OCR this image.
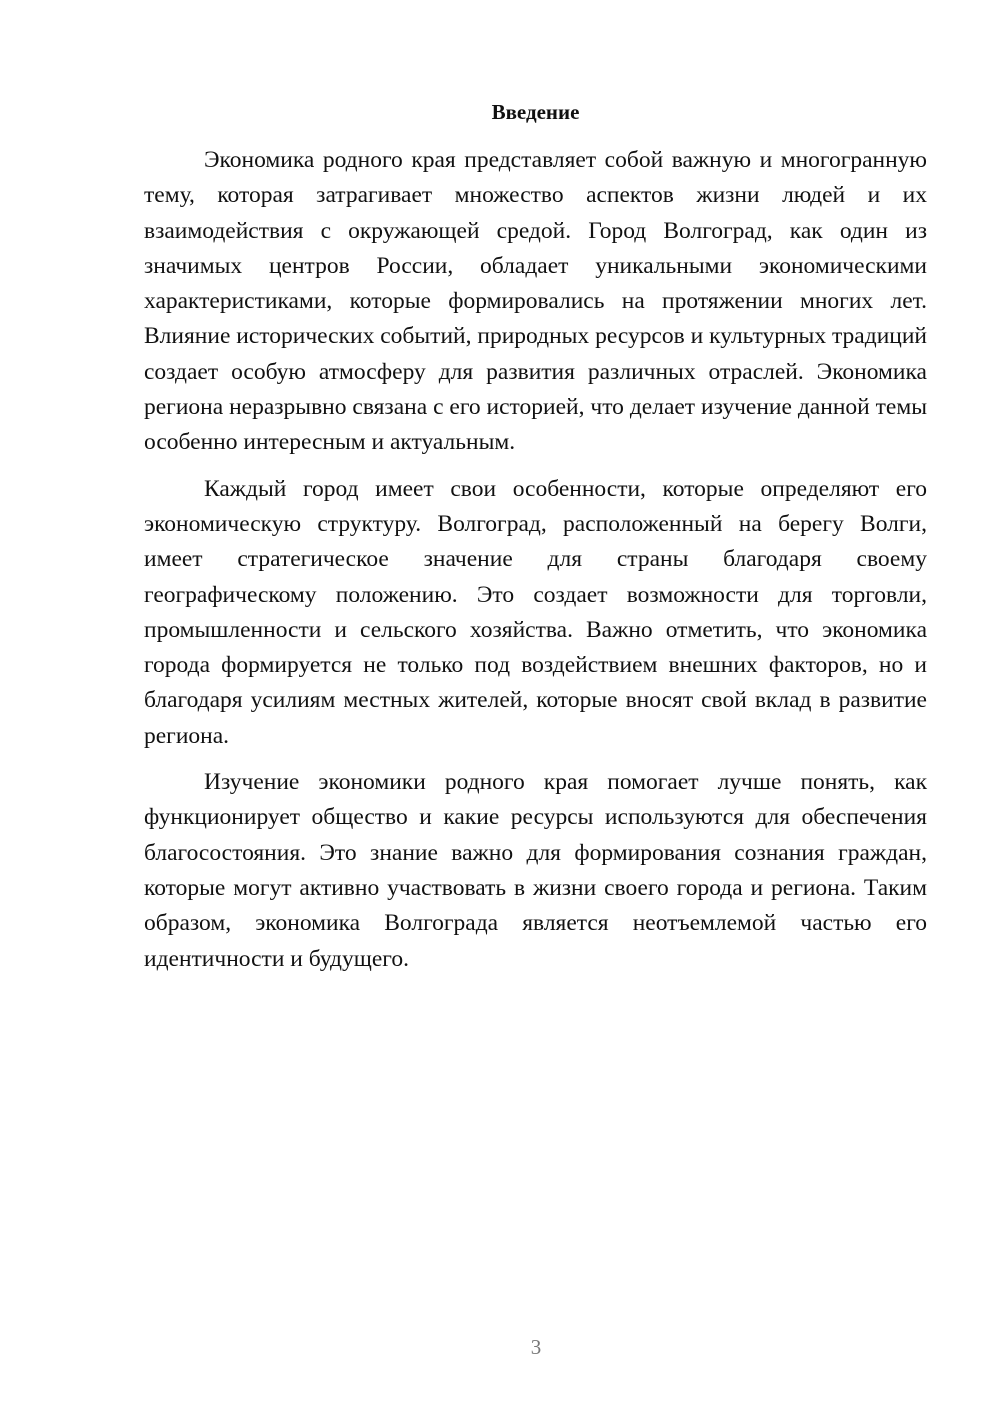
Введение

Экономика родного края представляет собой важную и многогранную тему, которая затрагивает множество аспектов жизни людей и их взаимодействия с окружающей средой. Город Волгоград, как один из значимых центров России, обладает уникальными экономическими характеристиками, которые формировались на протяжении многих лет. Влияние исторических событий, природных ресурсов и культурных традиций создает особую атмосферу для развития различных отраслей. Экономика региона неразрывно связана с его историей, что делает изучение данной темы особенно интересным и актуальным.

Каждый город имеет свои особенности, которые определяют его экономическую структуру. Волгоград, расположенный на берегу Волги, имеет стратегическое значение для страны благодаря своему географическому положению. Это создает возможности для торговли, промышленности и сельского хозяйства. Важно отметить, что экономика города формируется не только под воздействием внешних факторов, но и благодаря усилиям местных жителей, которые вносят свой вклад в развитие региона.

Изучение экономики родного края помогает лучше понять, как функционирует общество и какие ресурсы используются для обеспечения благосостояния. Это знание важно для формирования сознания граждан, которые могут активно участвовать в жизни своего города и региона. Таким образом, экономика Волгограда является неотъемлемой частью его идентичности и будущего.

3
